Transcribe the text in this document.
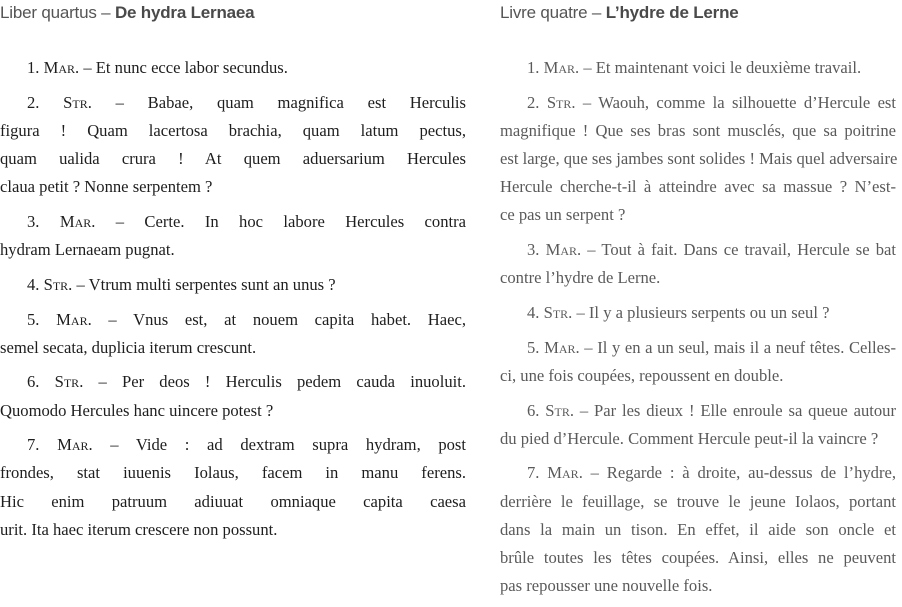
Liber quartus – De hydra Lernaea
1. Mar. – Et nunc ecce labor secundus.
2. Str. – Babae, quam magnifica est Herculis
figura ! Quam lacertosa brachia, quam latum pectus,
quam ualida crura ! At quem aduersarium Hercules
claua petit ? Nonne serpentem ?
3. Mar. – Certe. In hoc labore Hercules contra
hydram Lernaeam pugnat.
4. Str. – Vtrum multi serpentes sunt an unus ?
5. Mar. – Vnus est, at nouem capita habet. Haec,
semel secata, duplicia iterum crescunt.
6. Str. – Per deos ! Herculis pedem cauda inuoluit.
Quomodo Hercules hanc uincere potest ?
7. Mar. – Vide : ad dextram supra hydram, post
frondes, stat iuuenis Iolaus, facem in manu ferens.
Hic enim patruum adiuuat omniaque capita caesa
urit. Ita haec iterum crescere non possunt.
Livre quatre – L’hydre de Lerne
1. Mar. – Et maintenant voici le deuxième travail.
2. Str. – Waouh, comme la silhouette d’Hercule est
magnifique ! Que ses bras sont musclés, que sa poitrine
est large, que ses jambes sont solides ! Mais quel adversaire
Hercule cherche-t-il à atteindre avec sa massue ? N’est-
ce pas un serpent ?
3. Mar. – Tout à fait. Dans ce travail, Hercule se bat
contre l’hydre de Lerne.
4. Str. – Il y a plusieurs serpents ou un seul ?
5. Mar. – Il y en a un seul, mais il a neuf têtes. Celles-
ci, une fois coupées, repoussent en double.
6. Str. – Par les dieux ! Elle enroule sa queue autour
du pied d’Hercule. Comment Hercule peut-il la vaincre ?
7. Mar. – Regarde : à droite, au-dessus de l’hydre,
derrière le feuillage, se trouve le jeune Iolaos, portant
dans la main un tison. En effet, il aide son oncle et
brûle toutes les têtes coupées. Ainsi, elles ne peuvent
pas repousser une nouvelle fois.
